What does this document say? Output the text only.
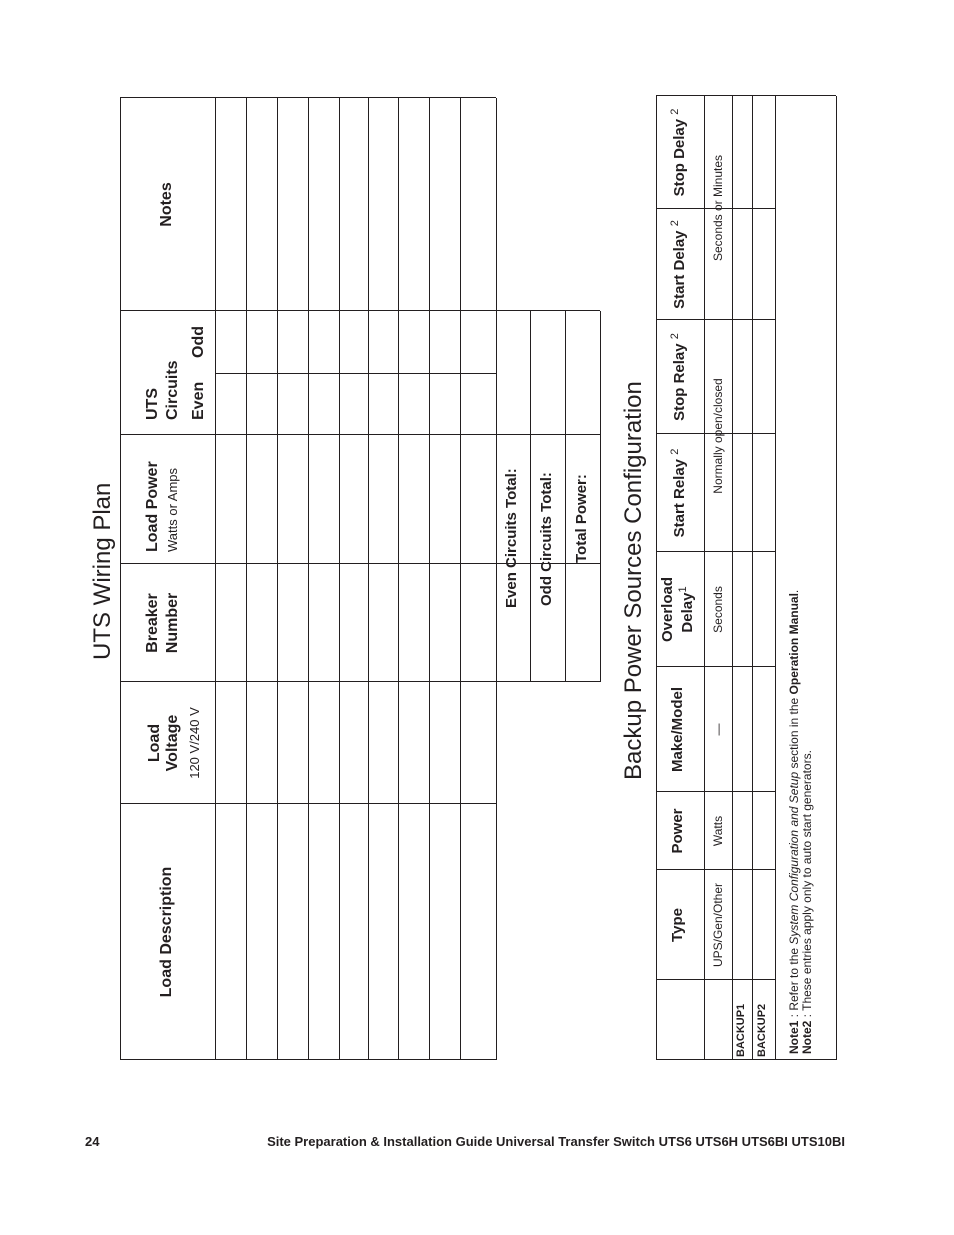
UTS Wiring Plan
Load Description
Load Voltage 120 V/240 V
Breaker Number
Load Power Watts or Amps
UTS Circuits Even
Odd
Notes
Even Circuits Total: Odd Circuits Total: Total Power: Backup Power Sources Configuration
Type
Power
Make/Model
Overload Delay$^1$
Start Relay $^2$
Stop Relay $^2$
Start Delay $^2$
Stop Delay $^2$
UPS/Gen/Other
Watts
—
Seconds
Normally open/closed
Seconds or Minutes
BACKUP1 BACKUP2 Note1 : Refer to the System Configuration and Setup section in the Operation Manual.
Note2 : These entries apply only to auto start generators.
24	Site Preparation & Installation Guide Universal Transfer Switch UTS6 UTS6H UTS6BI UTS10BI
